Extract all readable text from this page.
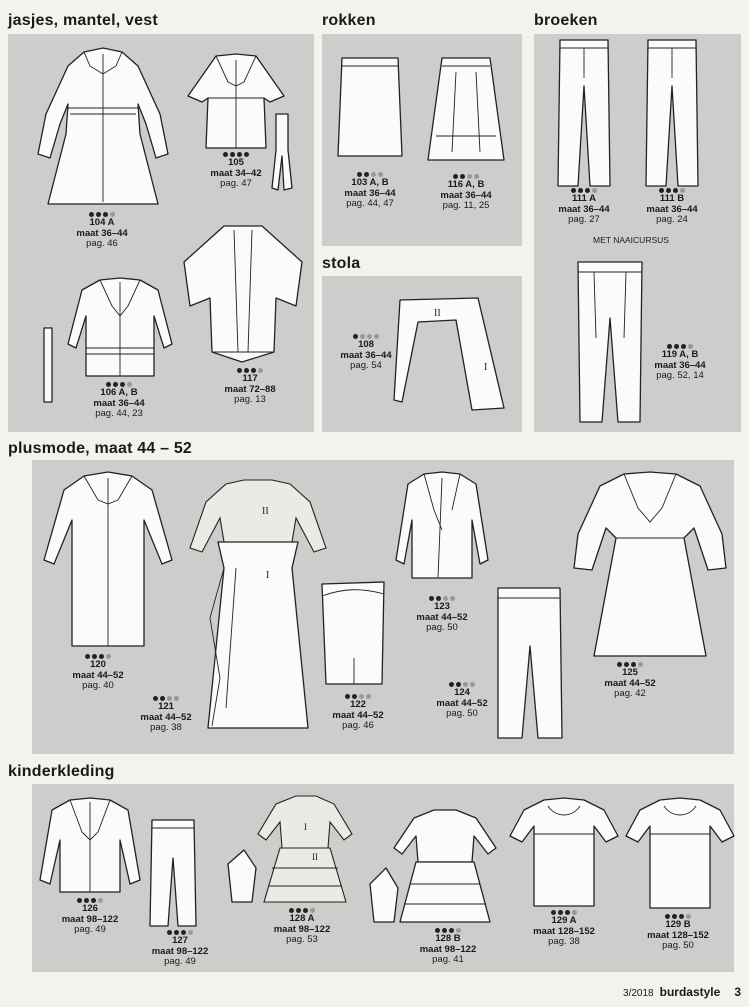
jasjes, mantel, vest	rokken	broeken
stola
plusmode, maat 44 – 52
kinderkleding
II
I
II
I
I
II
104 A
maat 36–44
pag. 46
105
maat 34–42
pag. 47
106 A, B
maat 36–44
pag. 44, 23
117
maat 72–88
pag. 13
103 A, B
maat 36–44
pag. 44, 47
116 A, B
maat 36–44
pag. 11, 25
108
maat 36–44
pag. 54
111 A
maat 36–44
pag. 27
111 B
maat 36–44
pag. 24
MET NAAICURSUS
119 A, B
maat 36–44
pag. 52, 14
120
maat 44–52
pag. 40
121
maat 44–52
pag. 38
122
maat 44–52
pag. 46
123
maat 44–52
pag. 50
124
maat 44–52
pag. 50
125
maat 44–52
pag. 42
126
maat 98–122
pag. 49
127
maat 98–122
pag. 49
128 A
maat 98–122
pag. 53	128 B
maat 98–122
pag. 41
129 A
maat 128–152
pag. 38
129 B
maat 128–152
pag. 50
3/2018 burdastyle 3
